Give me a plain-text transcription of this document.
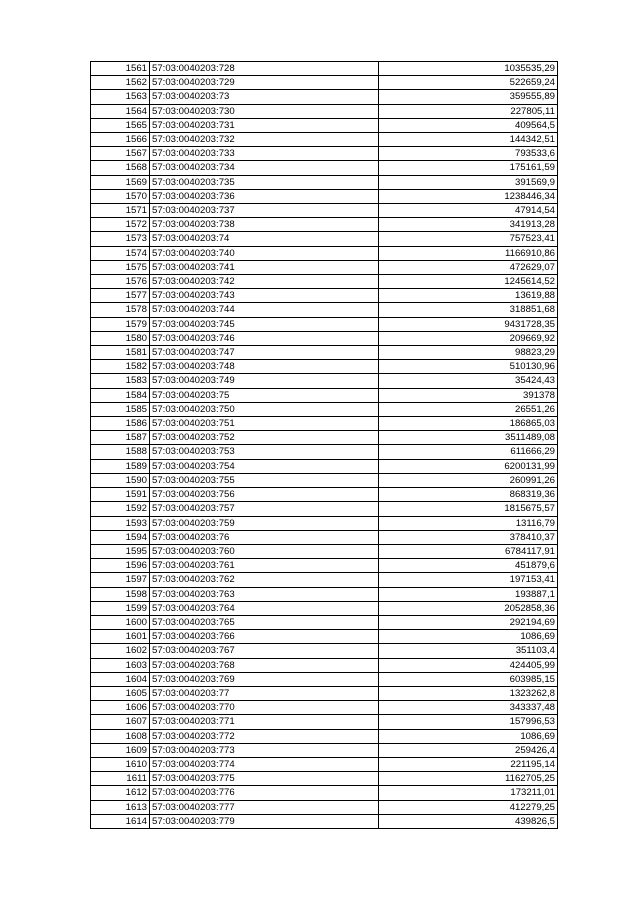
1561	57:03:0040203:728	1035535,29
1562	57:03:0040203:729	522659,24
1563	57:03:0040203:73	359555,89
1564	57:03:0040203:730	227805,11
1565	57:03:0040203:731	409564,5
1566	57:03:0040203:732	144342,51
1567	57:03:0040203:733	793533,6
1568	57:03:0040203:734	175161,59
1569	57:03:0040203:735	391569,9
1570	57:03:0040203:736	1238446,34
1571	57:03:0040203:737	47914,54
1572	57:03:0040203:738	341913,28
1573	57:03:0040203:74	757523,41
1574	57:03:0040203:740	1166910,86
1575	57:03:0040203:741	472629,07
1576	57:03:0040203:742	1245614,52
1577	57:03:0040203:743	13619,88
1578	57:03:0040203:744	318851,68
1579	57:03:0040203:745	9431728,35
1580	57:03:0040203:746	209669,92
1581	57:03:0040203:747	98823,29
1582	57:03:0040203:748	510130,96
1583	57:03:0040203:749	35424,43
1584	57:03:0040203:75	391378
1585	57:03:0040203:750	26551,26
1586	57:03:0040203:751	186865,03
1587	57:03:0040203:752	3511489,08
1588	57:03:0040203:753	611666,29
1589	57:03:0040203:754	6200131,99
1590	57:03:0040203:755	260991,26
1591	57:03:0040203:756	868319,36
1592	57:03:0040203:757	1815675,57
1593	57:03:0040203:759	13116,79
1594	57:03:0040203:76	378410,37
1595	57:03:0040203:760	6784117,91
1596	57:03:0040203:761	451879,6
1597	57:03:0040203:762	197153,41
1598	57:03:0040203:763	193887,1
1599	57:03:0040203:764	2052858,36
1600	57:03:0040203:765	292194,69
1601	57:03:0040203:766	1086,69
1602	57:03:0040203:767	351103,4
1603	57:03:0040203:768	424405,99
1604	57:03:0040203:769	603985,15
1605	57:03:0040203:77	1323262,8
1606	57:03:0040203:770	343337,48
1607	57:03:0040203:771	157996,53
1608	57:03:0040203:772	1086,69
1609	57:03:0040203:773	259426,4
1610	57:03:0040203:774	221195,14
1611	57:03:0040203:775	1162705,25
1612	57:03:0040203:776	173211,01
1613	57:03:0040203:777	412279,25
1614	57:03:0040203:779	439826,5
